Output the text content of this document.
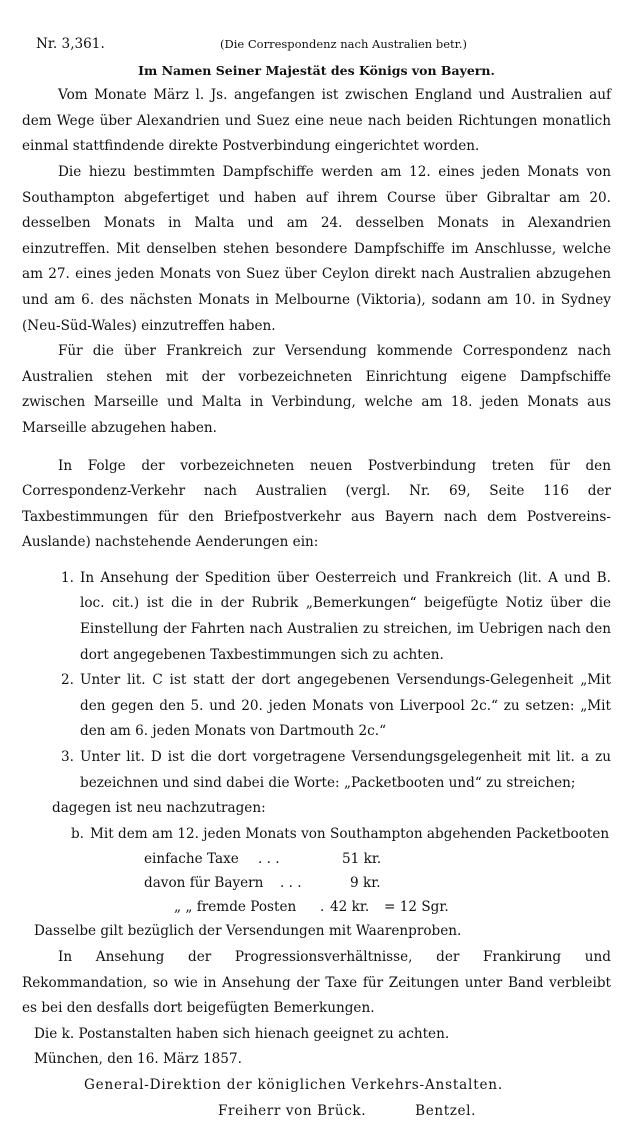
Nr. 3,361.	(Die Correspondenz nach Australien betr.)

Im Namen Seiner Majestät des Königs von Bayern.

Vom Monate März l. Js. angefangen ist zwischen England und Australien auf dem Wege über Alexandrien und Suez eine neue nach beiden Richtungen monatlich einmal stattfindende direkte Postverbindung eingerichtet worden.

Die hiezu bestimmten Dampfschiffe werden am 12. eines jeden Monats von Southampton abgefertiget und haben auf ihrem Course über Gibraltar am 20. desselben Monats in Malta und am 24. desselben Monats in Alexandrien einzutreffen. Mit denselben stehen besondere Dampfschiffe im Anschlusse, welche am 27. eines jeden Monats von Suez über Ceylon direkt nach Australien abzugehen und am 6. des nächsten Monats in Melbourne (Viktoria), sodann am 10. in Sydney (Neu-Süd-Wales) einzutreffen haben.

Für die über Frankreich zur Versendung kommende Correspondenz nach Australien stehen mit der vorbezeichneten Einrichtung eigene Dampfschiffe zwischen Marseille und Malta in Verbindung, welche am 18. jeden Monats aus Marseille abzugehen haben.

In Folge der vorbezeichneten neuen Postverbindung treten für den Correspondenz-Verkehr nach Australien (vergl. Nr. 69, Seite 116 der Taxbestimmungen für den Briefpostverkehr aus Bayern nach dem Postvereins-Auslande) nachstehende Aenderungen ein:

1. In Ansehung der Spedition über Oesterreich und Frankreich (lit. A und B. loc. cit.) ist die in der Rubrik „Bemerkungen“ beigefügte Notiz über die Einstellung der Fahrten nach Australien zu streichen, im Uebrigen nach den dort angegebenen Taxbestimmungen sich zu achten.
2. Unter lit. C ist statt der dort angegebenen Versendungs-Gelegenheit „Mit den gegen den 5. und 20. jeden Monats von Liverpool 2c.“ zu setzen: „Mit den am 6. jeden Monats von Dartmouth 2c.“
3. Unter lit. D ist die dort vorgetragene Versendungsgelegenheit mit lit. a zu bezeichnen und sind dabei die Worte: „Packetbooten und“ zu streichen;

dagegen ist neu nachzutragen:

b. Mit dem am 12. jeden Monats von Southampton abgehenden Packetbooten
einfache Taxe . . .	51 kr.
davon für Bayern . . .	9 kr.
„ „ fremde Posten . 42 kr. = 12 Sgr.

Dasselbe gilt bezüglich der Versendungen mit Waarenproben.

In Ansehung der Progressionsverhältnisse, der Frankirung und Rekommandation, so wie in Ansehung der Taxe für Zeitungen unter Band verbleibt es bei den desfalls dort beigefügten Bemerkungen.

Die k. Postanstalten haben sich hienach geeignet zu achten.

München, den 16. März 1857.

General-Direktion der königlichen Verkehrs-Anstalten.

Freiherr von Brück.	Bentzel.
